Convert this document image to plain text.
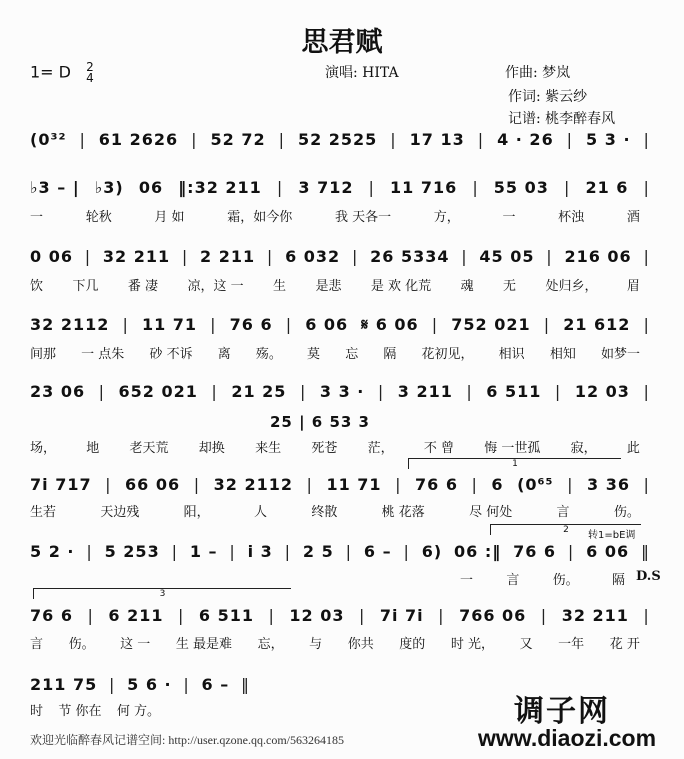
思君赋
1= D 2
4	演唱: HITA	作曲: 梦岚
作词: 紫云纱
记谱: 桃李醉春风
(0³² | 61 2626 | 52 72 | 52 2525 | 17 13 | 4 · 26 | 5 3 · |
♭3 – | ♭3) 06 ‖:32 211 | 3 712 | 11 716 | 55 03 | 21 6 |
一	轮秋	月 如	霜，如今你	我 天各一	方，	一	杯浊	酒
0 06 | 32 211 | 2 211 | 6 032 | 26 5334 | 45 05 | 216 06 |
饮 下几 番 凄 凉，这 一 生 是悲 是 欢 化荒 魂 无 处归乡， 眉
32 2112 | 11 71 | 76 6 | 6 06 𝄋 6 06 | 752 021 | 21 612 |
间那 一 点朱 砂 不诉 离 殇。 莫 忘 隔 花初见， 相识 相知 如梦一
23 06 | 652 021 | 21 25 | 3 3 · | 3 211 | 6 511 | 12 03 |
25 | 6 53 3
场， 地 老天荒 却换 来生 死苍 茫， 不 曾 悔 一世孤 寂， 此
7i 717 | 66 06 | 32 2112 | 11 71 | 76 6 | 6 (0⁶⁵ | 3 36 |
1
生若	天边残	阳，	人	终散	桃 花落	尽 何处	言	伤。
5 2 · | 5 253 | 1 – | i 3 | 2 5 | 6 – | 6) 06 :‖ 76 6 | 6 06 ‖
2	转1=bE调
D.S
一	言	伤。	隔
76 6 | 6 211 | 6 511 | 12 03 | 7i 7i | 766 06 | 32 211 |
3
言 伤。 这 一 生 最是难 忘， 与 你共 度的 时 光， 又 一年 花 开
211 75 | 5 6 · | 6 – ‖
时 节 你在 何 方。
欢迎光临醉春风记谱空间: http://user.qzone.qq.com/563264185
调子网
www.diaozi.com
